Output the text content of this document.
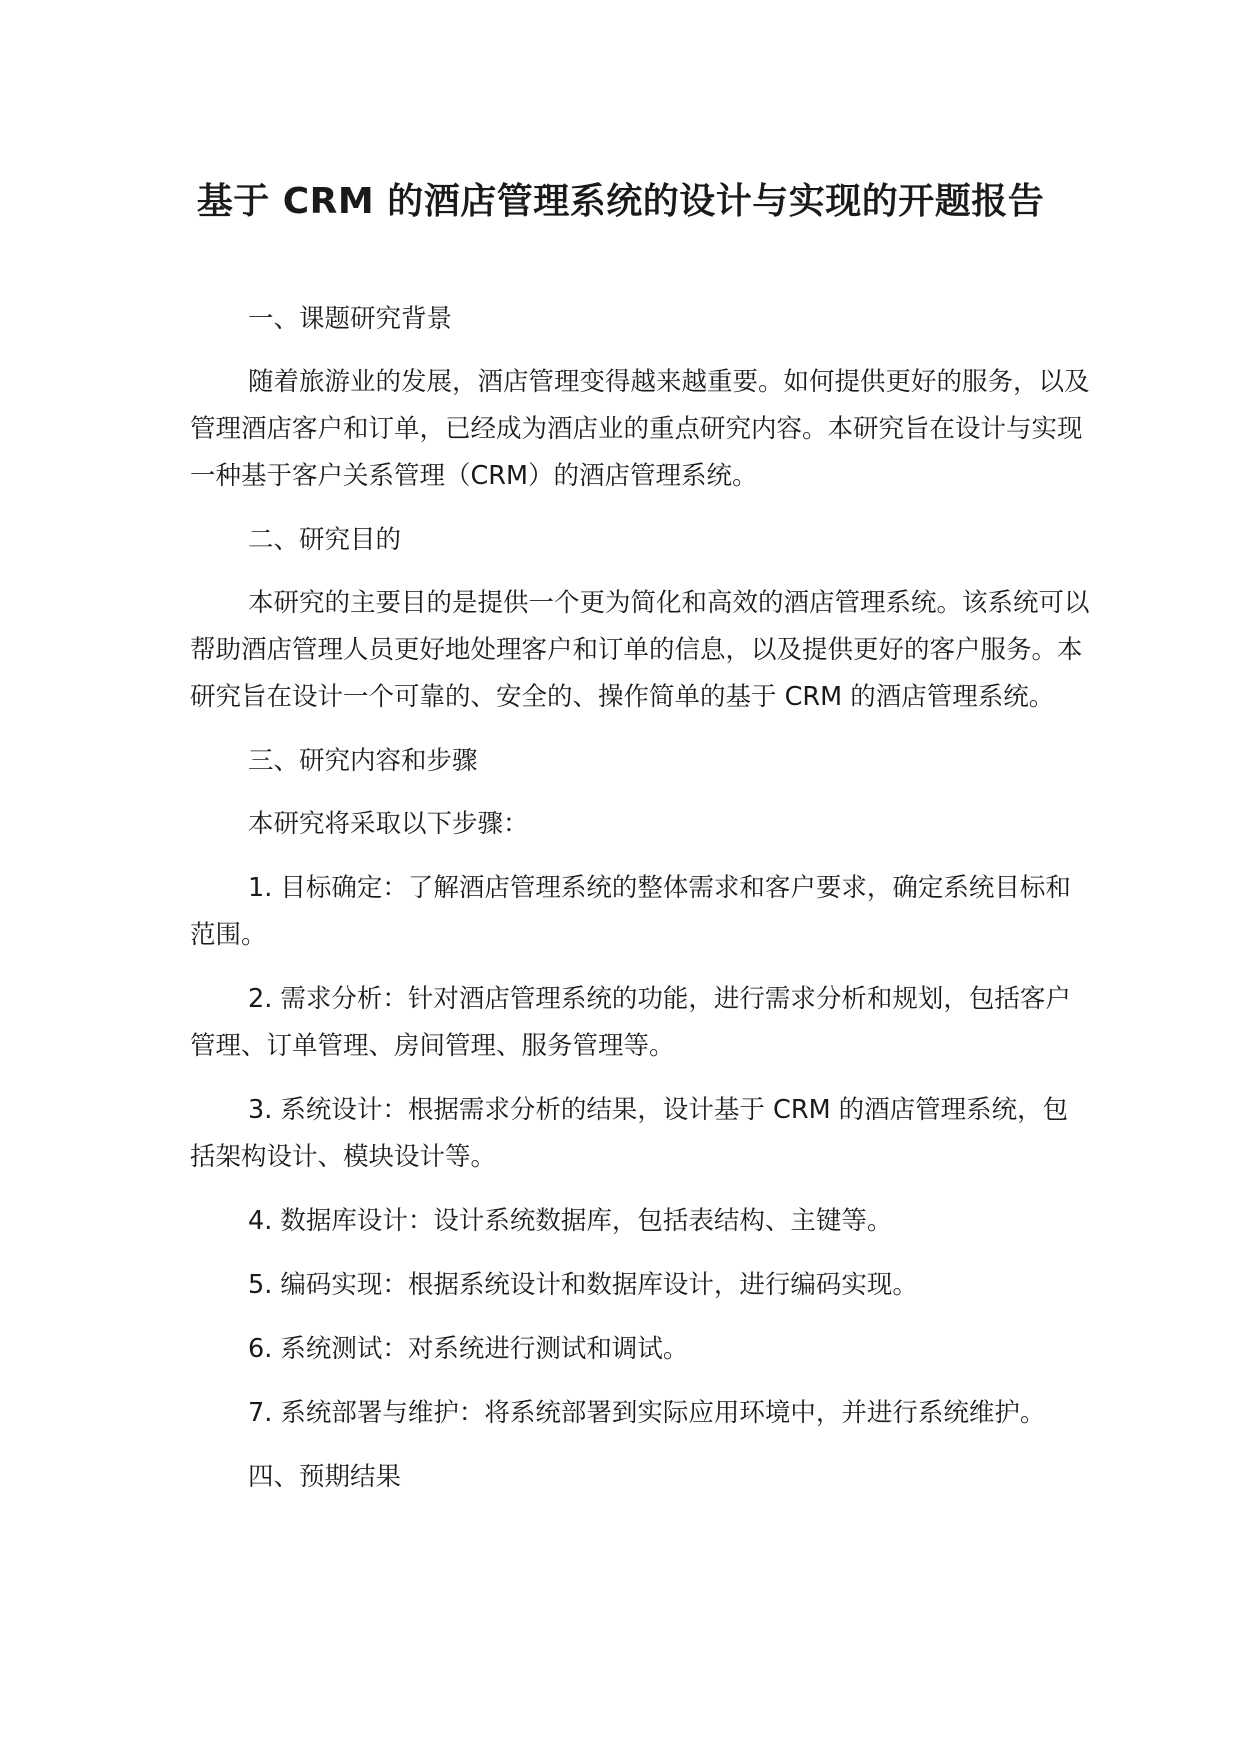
基于 CRM 的酒店管理系统的设计与实现的开题报告

一、课题研究背景

随着旅游业的发展，酒店管理变得越来越重要。如何提供更好的服务，以及管理酒店客户和订单，已经成为酒店业的重点研究内容。本研究旨在设计与实现一种基于客户关系管理（CRM）的酒店管理系统。

二、研究目的

本研究的主要目的是提供一个更为简化和高效的酒店管理系统。该系统可以帮助酒店管理人员更好地处理客户和订单的信息，以及提供更好的客户服务。本研究旨在设计一个可靠的、安全的、操作简单的基于 CRM 的酒店管理系统。

三、研究内容和步骤

本研究将采取以下步骤：

1. 目标确定：了解酒店管理系统的整体需求和客户要求，确定系统目标和范围。

2. 需求分析：针对酒店管理系统的功能，进行需求分析和规划，包括客户管理、订单管理、房间管理、服务管理等。

3. 系统设计：根据需求分析的结果，设计基于 CRM 的酒店管理系统，包括架构设计、模块设计等。

4. 数据库设计：设计系统数据库，包括表结构、主键等。

5. 编码实现：根据系统设计和数据库设计，进行编码实现。

6. 系统测试：对系统进行测试和调试。

7. 系统部署与维护：将系统部署到实际应用环境中，并进行系统维护。

四、预期结果
